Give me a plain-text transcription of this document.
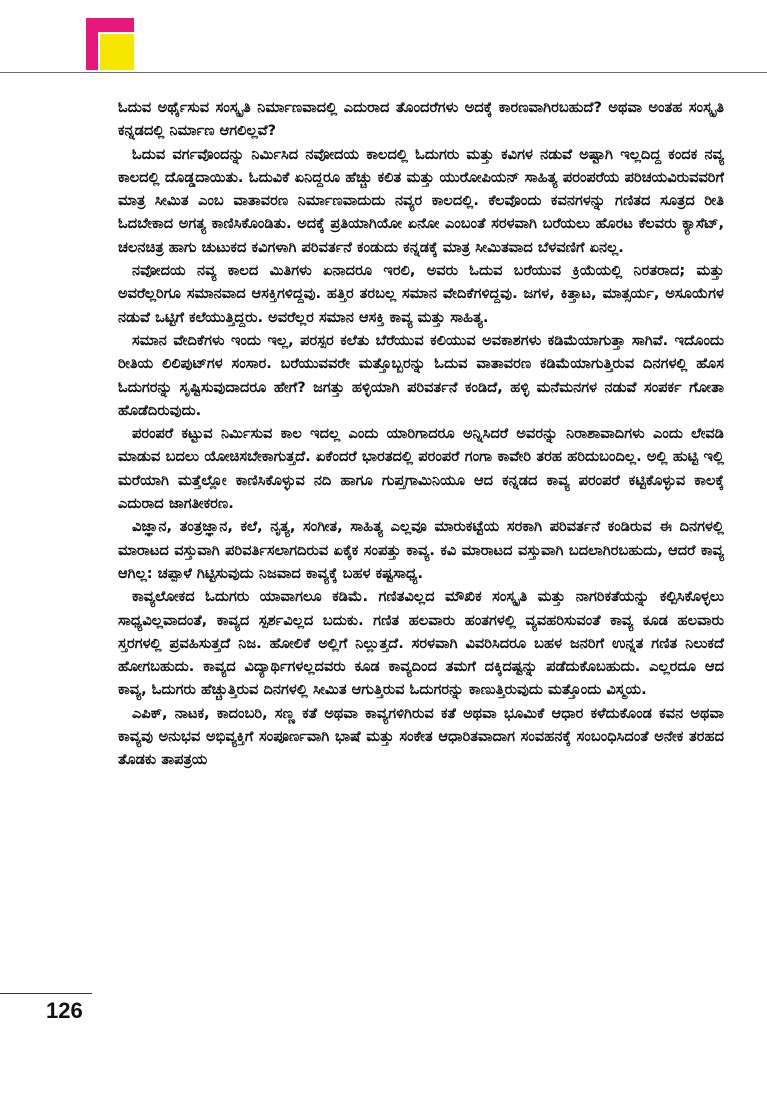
ಓದುವ ಅರ್ಥೈಸುವ ಸಂಸ್ಕೃತಿ ನಿರ್ಮಾಣವಾದಲ್ಲಿ ಎದುರಾದ ತೊಂದರೆಗಳು ಅದಕ್ಕೆ ಕಾರಣವಾಗಿರಬಹುದೆ? ಅಥವಾ ಅಂತಹ ಸಂಸ್ಕೃತಿ ಕನ್ನಡದಲ್ಲಿ ನಿರ್ಮಾಣ ಆಗಲಿಲ್ಲವೆ?

ಓದುವ ವರ್ಗವೊಂದನ್ನು ನಿರ್ಮಿಸಿದ ನವೋದಯ ಕಾಲದಲ್ಲಿ ಓದುಗರು ಮತ್ತು ಕವಿಗಳ ನಡುವೆ ಅಷ್ಟಾಗಿ ಇಲ್ಲದಿದ್ದ ಕಂದಕ ನವ್ಯ ಕಾಲದಲ್ಲಿ ದೊಡ್ಡದಾಯಿತು. ಓದುವಿಕೆ ಏನಿದ್ದರೂ ಹೆಚ್ಚು ಕಲಿತ ಮತ್ತು ಯುರೋಪಿಯನ್ ಸಾಹಿತ್ಯ ಪರಂಪರೆಯ ಪರಿಚಯವಿರುವವರಿಗೆ ಮಾತ್ರ ಸೀಮಿತ ಎಂಬ ವಾತಾವರಣ ನಿರ್ಮಾಣವಾದುದು ನವ್ಯರ ಕಾಲದಲ್ಲಿ. ಕೆಲವೊಂದು ಕವನಗಳನ್ನು ಗಣಿತದ ಸೂತ್ರದ ರೀತಿ ಓದಬೇಕಾದ ಅಗತ್ಯ ಕಾಣಿಸಿಕೊಂಡಿತು. ಅದಕ್ಕೆ ಪ್ರತಿಯಾಗಿಯೋ ಏನೋ ಎಂಬಂತೆ ಸರಳವಾಗಿ ಬರೆಯಲು ಹೊರಟ ಕೆಲವರು ಕ್ಯಾಸೆಟ್, ಚಲನಚಿತ್ರ ಹಾಗು ಚುಟುಕದ ಕವಿಗಳಾಗಿ ಪರಿವರ್ತನೆ ಕಂಡುದು ಕನ್ನಡಕ್ಕೆ ಮಾತ್ರ ಸೀಮಿತವಾದ ಬೆಳವಣಿಗೆ ಏನಲ್ಲ.

ನವೋದಯ ನವ್ಯ ಕಾಲದ ಮಿತಿಗಳು ಏನಾದರೂ ಇರಲಿ, ಅವರು ಓದುವ ಬರೆಯುವ ಕ್ರಿಯೆಯಲ್ಲಿ ನಿರತರಾದ; ಮತ್ತು ಅವರೆಲ್ಲರಿಗೂ ಸಮಾನವಾದ ಆಸಕ್ತಿಗಳಿದ್ದವು. ಹತ್ತಿರ ತರಬಲ್ಲ ಸಮಾನ ವೇದಿಕೆಗಳಿದ್ದವು. ಜಗಳ, ಕಿತ್ತಾಟ, ಮಾತ್ಸರ್ಯ, ಅಸೂಯೆಗಳ ನಡುವೆ ಒಟ್ಟಿಗೆ ಕಲೆಯುತ್ತಿದ್ದರು. ಅವರೆಲ್ಲರ ಸಮಾನ ಆಸಕ್ತಿ ಕಾವ್ಯ ಮತ್ತು ಸಾಹಿತ್ಯ.

ಸಮಾನ ವೇದಿಕೆಗಳು ಇಂದು ಇಲ್ಲ, ಪರಸ್ಪರ ಕಲೆತು ಬೆರೆಯುವ ಕಲಿಯುವ ಅವಕಾಶಗಳು ಕಡಿಮೆಯಾಗುತ್ತಾ ಸಾಗಿವೆ. ಇದೊಂದು ರೀತಿಯ ಲಿಲಿಪುಟ್‌ಗಳ ಸಂಸಾರ. ಬರೆಯುವವರೇ ಮತ್ತೊಬ್ಬರನ್ನು ಓದುವ ವಾತಾವರಣ ಕಡಿಮೆಯಾಗುತ್ತಿರುವ ದಿನಗಳಲ್ಲಿ ಹೊಸ ಓದುಗರನ್ನು ಸೃಷ್ಟಿಸುವುದಾದರೂ ಹೇಗೆ? ಜಗತ್ತು ಹಳ್ಳಿಯಾಗಿ ಪರಿವರ್ತನೆ ಕಂಡಿದೆ, ಹಳ್ಳಿ ಮನೆಮನಗಳ ನಡುವೆ ಸಂಪರ್ಕ ಗೋತಾ ಹೊಡೆದಿರುವುದು.

ಪರಂಪರೆ ಕಟ್ಟುವ ನಿರ್ಮಿಸುವ ಕಾಲ ಇದಲ್ಲ ಎಂದು ಯಾರಿಗಾದರೂ ಅನ್ನಿಸಿದರೆ ಅವರನ್ನು ನಿರಾಶಾವಾದಿಗಳು ಎಂದು ಲೇವಡಿ ಮಾಡುವ ಬದಲು ಯೋಚಿಸಬೇಕಾಗುತ್ತದೆ. ಏಕೆಂದರೆ ಭಾರತದಲ್ಲಿ ಪರಂಪರೆ ಗಂಗಾ ಕಾವೇರಿ ತರಹ ಹರಿದುಬಂದಿಲ್ಲ. ಅಲ್ಲಿ ಹುಟ್ಟಿ ಇಲ್ಲಿ ಮರೆಯಾಗಿ ಮತ್ತೆಲ್ಲೋ ಕಾಣಿಸಿಕೊಳ್ಳುವ ನದಿ ಹಾಗೂ ಗುಪ್ತಗಾಮಿನಿಯೂ ಆದ ಕನ್ನಡದ ಕಾವ್ಯ ಪರಂಪರೆ ಕಟ್ಟಿಕೊಳ್ಳುವ ಕಾಲಕ್ಕೆ ಎದುರಾದ ಜಾಗತೀಕರಣ.

ವಿಜ್ಞಾನ, ತಂತ್ರಜ್ಞಾನ, ಕಲೆ, ನೃತ್ಯ, ಸಂಗೀತ, ಸಾಹಿತ್ಯ ಎಲ್ಲವೂ ಮಾರುಕಟ್ಟೆಯ ಸರಕಾಗಿ ಪರಿವರ್ತನೆ ಕಂಡಿರುವ ಈ ದಿನಗಳಲ್ಲಿ ಮಾರಾಟದ ವಸ್ತುವಾಗಿ ಪರಿವರ್ತಿಸಲಾಗದಿರುವ ಏಕೈಕ ಸಂಪತ್ತು ಕಾವ್ಯ. ಕವಿ ಮಾರಾಟದ ವಸ್ತುವಾಗಿ ಬದಲಾಗಿರಬಹುದು, ಆದರೆ ಕಾವ್ಯ ಆಗಿಲ್ಲ: ಚಪ್ಪಾಳೆ ಗಿಟ್ಟಿಸುವುದು ನಿಜವಾದ ಕಾವ್ಯಕ್ಕೆ ಬಹಳ ಕಷ್ಟಸಾಧ್ಯ.

ಕಾವ್ಯಲೋಕದ ಓದುಗರು ಯಾವಾಗಲೂ ಕಡಿಮೆ. ಗಣಿತವಿಲ್ಲದ ಮೌಖಿಕ ಸಂಸ್ಕೃತಿ ಮತ್ತು ನಾಗರಿಕತೆಯನ್ನು ಕಲ್ಪಿಸಿಕೊಳ್ಳಲು ಸಾಧ್ಯವಿಲ್ಲವಾದಂತೆ, ಕಾವ್ಯದ ಸ್ಪರ್ಶವಿಲ್ಲದ ಬದುಕು. ಗಣಿತ ಹಲವಾರು ಹಂತಗಳಲ್ಲಿ ವ್ಯವಹರಿಸುವಂತೆ ಕಾವ್ಯ ಕೂಡ ಹಲವಾರು ಸ್ತರಗಳಲ್ಲಿ ಪ್ರವಹಿಸುತ್ತದೆ ನಿಜ. ಹೋಲಿಕೆ ಅಲ್ಲಿಗೆ ನಿಲ್ಲುತ್ತದೆ. ಸರಳವಾಗಿ ವಿವರಿಸಿದರೂ ಬಹಳ ಜನರಿಗೆ ಉನ್ನತ ಗಣಿತ ನಿಲುಕದೆ ಹೋಗಬಹುದು. ಕಾವ್ಯದ ವಿದ್ಯಾರ್ಥಿಗಳಲ್ಲದವರು ಕೂಡ ಕಾವ್ಯದಿಂದ ತಮಗೆ ದಕ್ಕಿದಷ್ಟನ್ನು ಪಡೆದುಕೊಬಹುದು. ಎಲ್ಲರದೂ ಆದ ಕಾವ್ಯ, ಓದುಗರು ಹೆಚ್ಚುತ್ತಿರುವ ದಿನಗಳಲ್ಲಿ ಸೀಮಿತ ಆಗುತ್ತಿರುವ ಓದುಗರನ್ನು ಕಾಣುತ್ತಿರುವುದು ಮತ್ತೊಂದು ವಿಸ್ಮಯ.

ಎಪಿಕ್, ನಾಟಕ, ಕಾದಂಬರಿ, ಸಣ್ಣ ಕತೆ ಅಥವಾ ಕಾವ್ಯಗಳಿಗಿರುವ ಕತೆ ಅಥವಾ ಭೂಮಿಕೆ ಆಧಾರ ಕಳೆದುಕೊಂಡ ಕವನ ಅಥವಾ ಕಾವ್ಯವು ಅನುಭವ ಅಭಿವ್ಯಕ್ತಿಗೆ ಸಂಪೂರ್ಣವಾಗಿ ಭಾಷೆ ಮತ್ತು ಸಂಕೇತ ಆಧಾರಿತವಾದಾಗ ಸಂವಹನಕ್ಕೆ ಸಂಬಂಧಿಸಿದಂತೆ ಅನೇಕ ತರಹದ ತೊಡಕು ತಾಪತ್ರಯ

126
